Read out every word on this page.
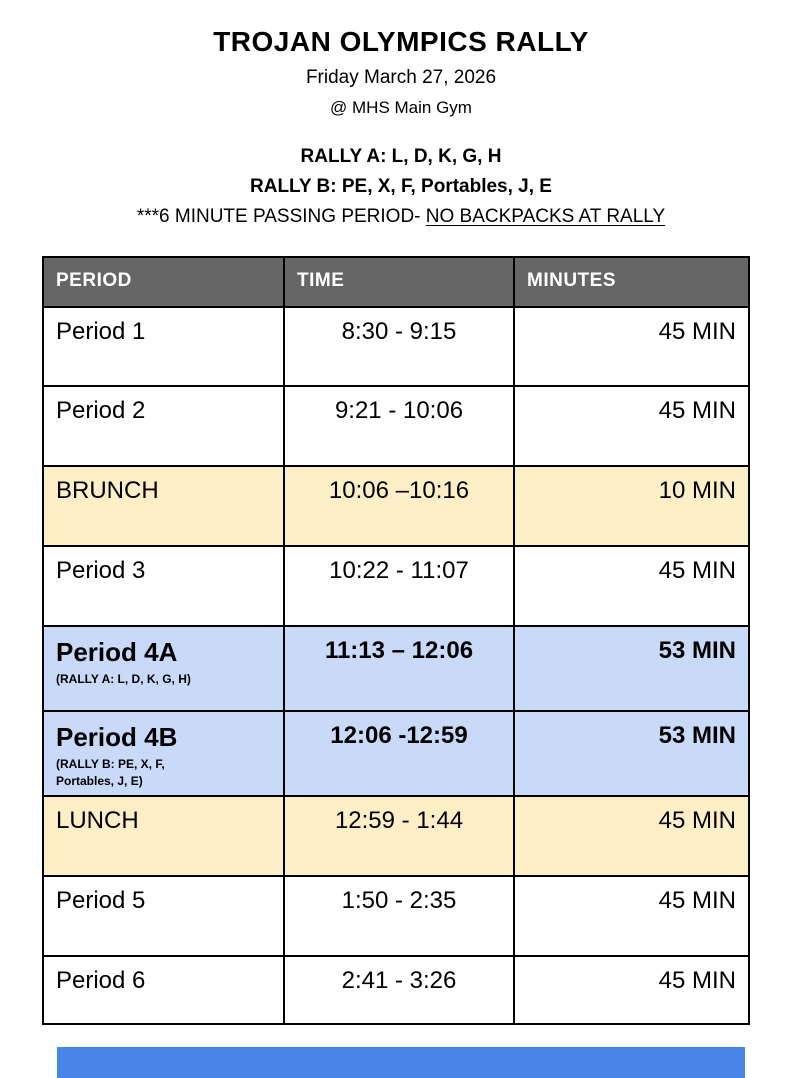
TROJAN OLYMPICS RALLY
Friday March 27, 2026
@ MHS Main Gym
RALLY A: L, D, K, G, H
RALLY B: PE, X, F, Portables, J, E
***6 MINUTE PASSING PERIOD- NO BACKPACKS AT RALLY
PERIOD	TIME	MINUTES
Period 1	8:30 - 9:15	45 MIN
Period 2	9:21 - 10:06	45 MIN
BRUNCH	10:06 –10:16	10 MIN
Period 3	10:22 - 11:07	45 MIN
Period 4A
(RALLY A: L, D, K, G, H)	11:13 – 12:06	53 MIN
Period 4B
(RALLY B: PE, X, F,
Portables, J, E)	12:06 -12:59	53 MIN
LUNCH	12:59 - 1:44	45 MIN
Period 5	1:50 - 2:35	45 MIN
Period 6	2:41 - 3:26	45 MIN
